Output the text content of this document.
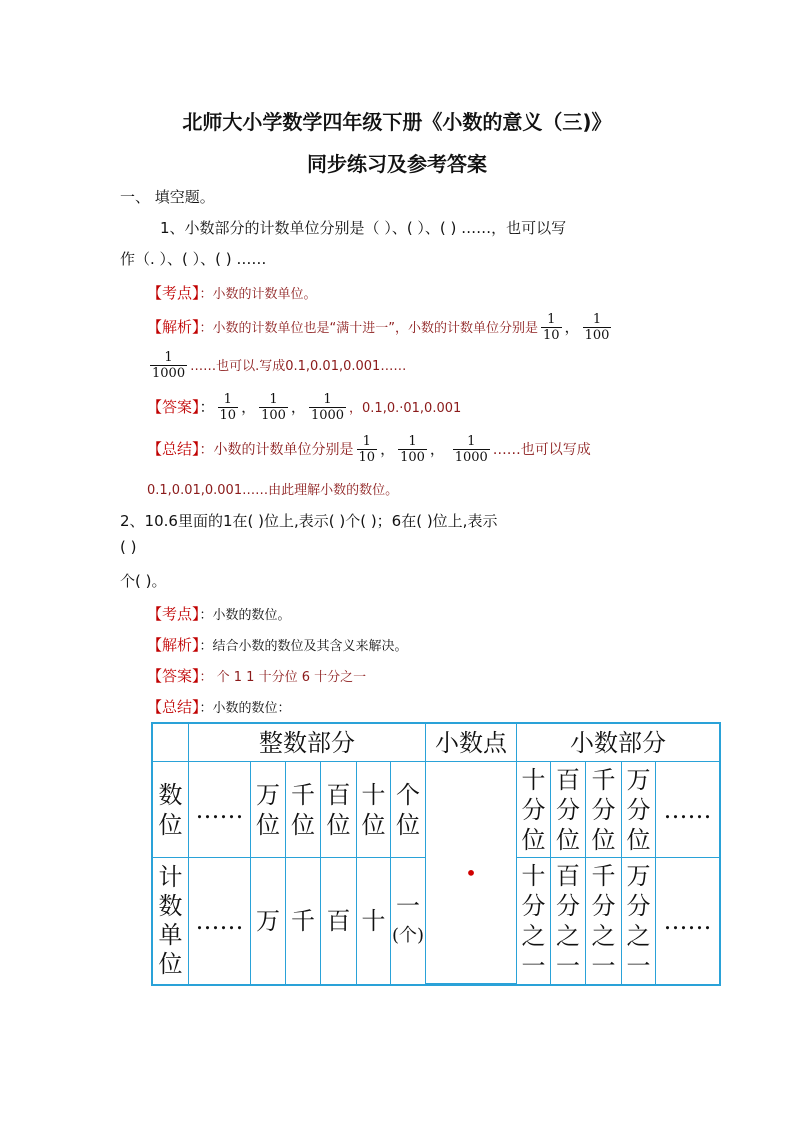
北师大小学数学四年级下册《小数的意义（三)》
同步练习及参考答案
一、 填空题。
1、小数部分的计数单位分别是（ ）、( ）、( ) ……，也可以写
作（. ）、( ）、( ) ……
【考点】：小数的计数单位。
【解析】：小数的计数单位也是“满十进一”，小数的计数单位分别是 $\frac{1}{10}$ ， $\frac{1}{100}$
$\frac{1}{1000}$ ……也可以.写成0.1,0.01,0.001……
【答案】： $\frac{1}{10}$ ， $\frac{1}{100}$ ， $\frac{1}{1000}$ ，0.1,0.·01,0.001
【总结】：小数的计数单位分别是 $\frac{1}{10}$ ， $\frac{1}{100}$ ， $\frac{1}{1000}$ ……也可以写成
0.1,0.01,0.001……由此理解小数的数位。
2、10.6里面的1在( )位上,表示( )个( )；6在( )位上,表示
( )
个( )。
【考点】：小数的数位。
【解析】：结合小数的数位及其含义来解决。
【答案】： 个 1 1 十分位 6 十分之一
【总结】：小数的数位：
整数部分	小数点	小数部分
数
位
……
万
位
千
位
百
位
十
位
个
位
•
十
分
位
百
分
位
千
分
位
万
分
位
……
计
数
单
位
…… 万 千 百 十
一
(个)
十
分
之
一
百
分
之
一
千
分
之
一
万
分
之
一
……
